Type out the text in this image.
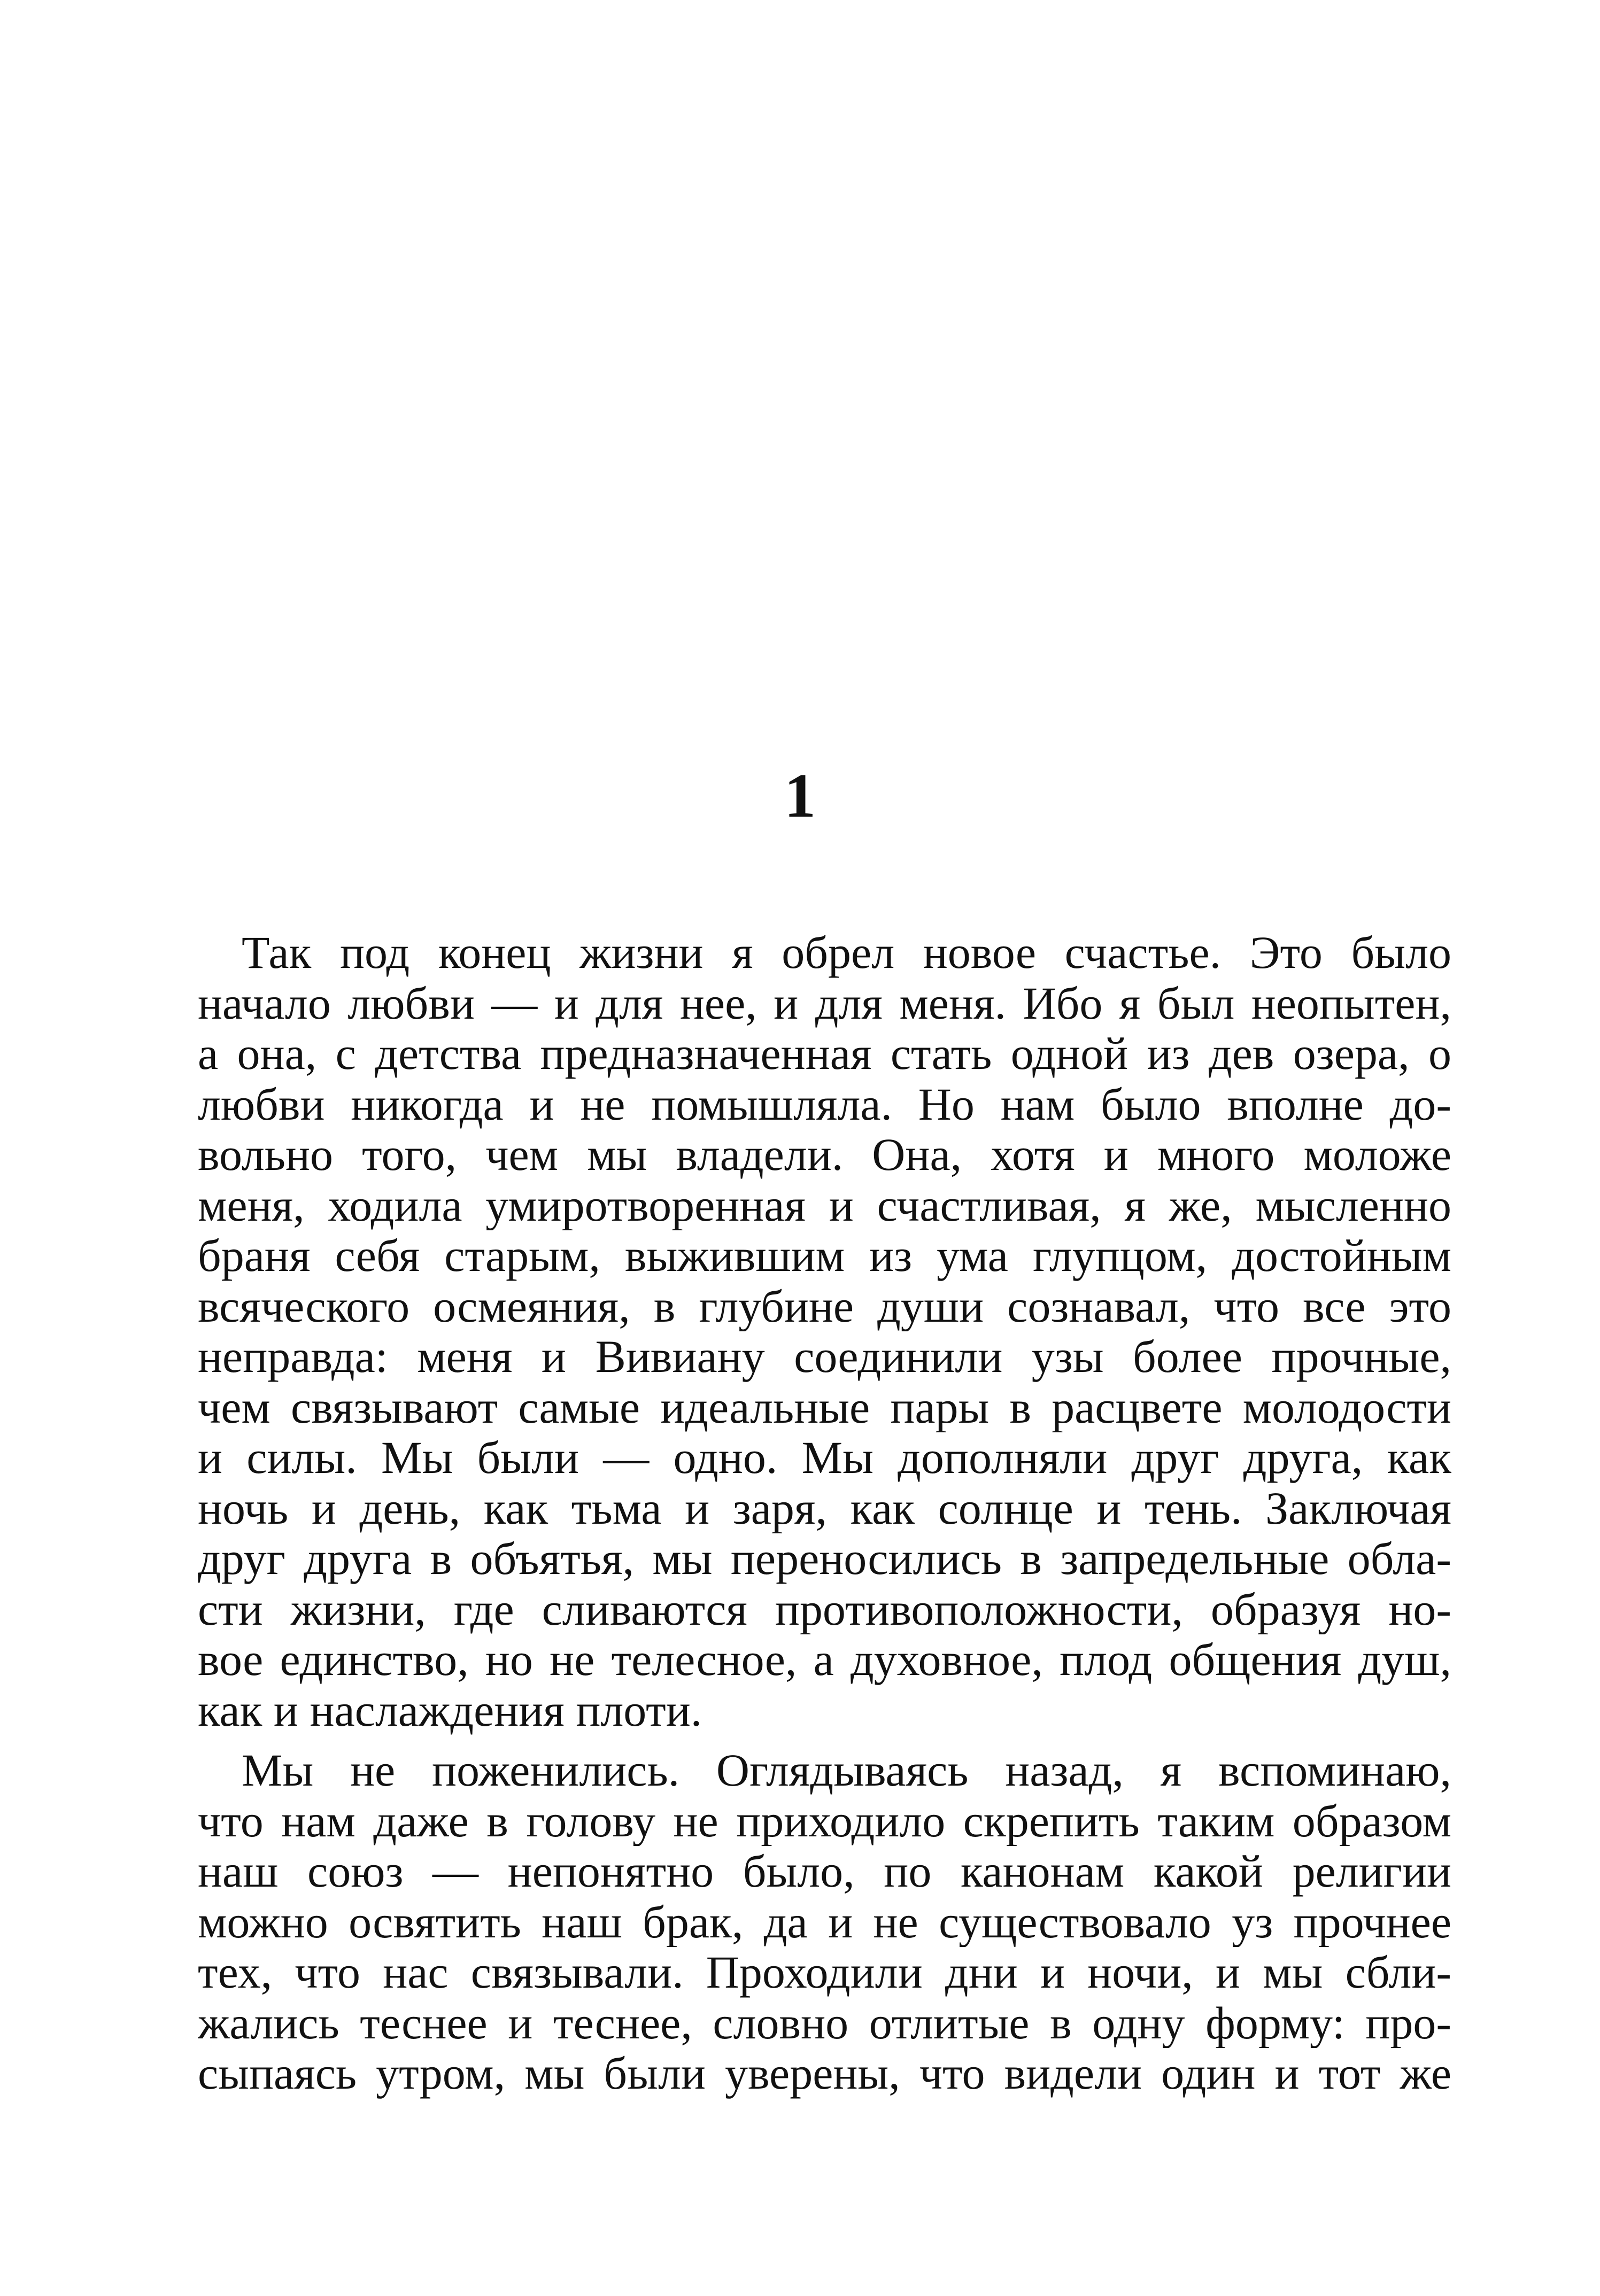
1
Так под конец жизни я обрел новое счастье. Это было
начало любви — и для нее, и для меня. Ибо я был неопытен,
а она, с детства предназначенная стать одной из дев озера, о
любви никогда и не помышляла. Но нам было вполне до-
вольно того, чем мы владели. Она, хотя и много моложе
меня, ходила умиротворенная и счастливая, я же, мысленно
браня себя старым, выжившим из ума глупцом, достойным
всяческого осмеяния, в глубине души сознавал, что все это
неправда: меня и Вивиану соединили узы более прочные,
чем связывают самые идеальные пары в расцвете молодости
и силы. Мы были — одно. Мы дополняли друг друга, как
ночь и день, как тьма и заря, как солнце и тень. Заключая
друг друга в объятья, мы переносились в запредельные обла-
сти жизни, где сливаются противоположности, образуя но-
вое единство, но не телесное, а духовное, плод общения душ,
как и наслаждения плоти.
Мы не поженились. Оглядываясь назад, я вспоминаю,
что нам даже в голову не приходило скрепить таким образом
наш союз — непонятно было, по канонам какой религии
можно освятить наш брак, да и не существовало уз прочнее
тех, что нас связывали. Проходили дни и ночи, и мы сбли-
жались теснее и теснее, словно отлитые в одну форму: про-
сыпаясь утром, мы были уверены, что видели один и тот же
